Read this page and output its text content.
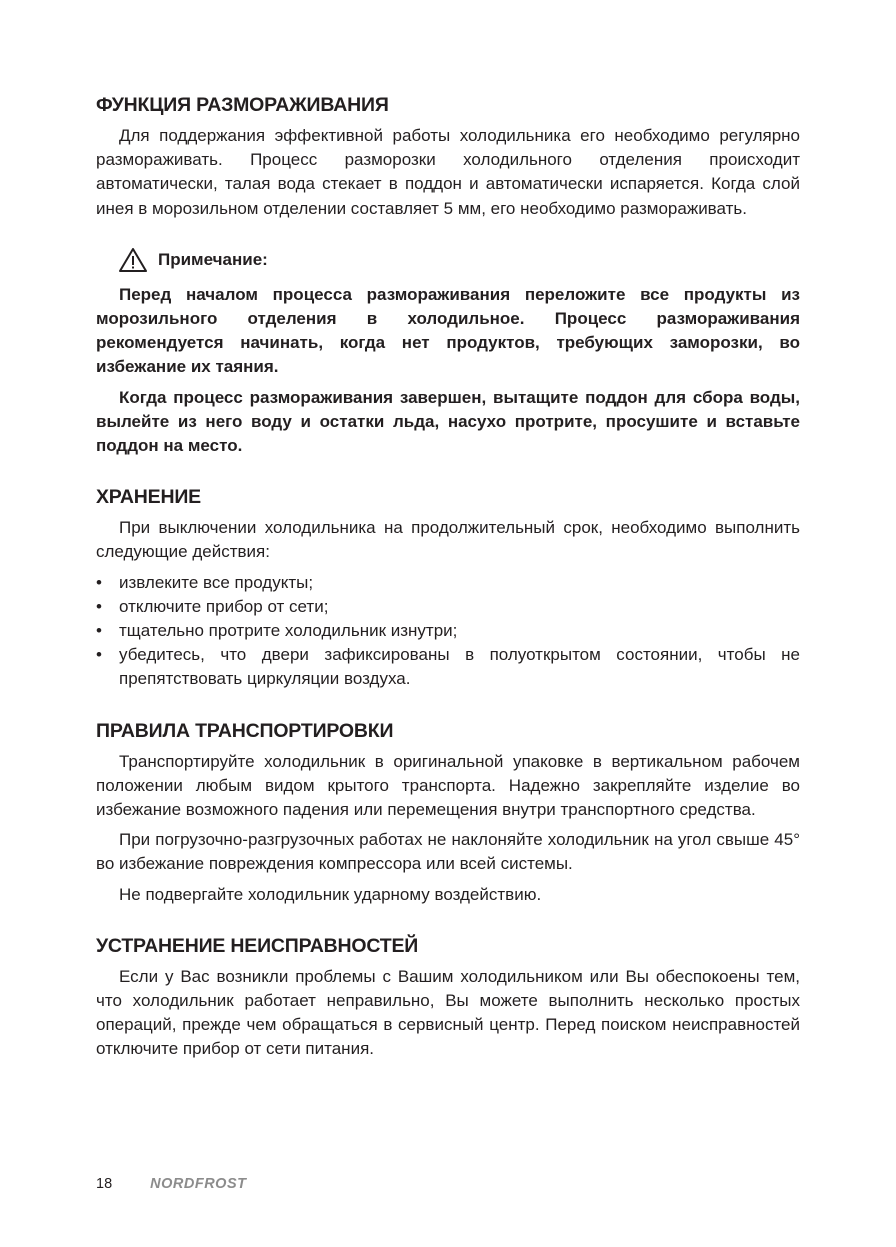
ФУНКЦИЯ РАЗМОРАЖИВАНИЯ

Для поддержания эффективной работы холодильника его необходимо регулярно размораживать. Процесс разморозки холодильного отделения происходит автоматически, талая вода стекает в поддон и автоматически испаряется. Когда слой инея в морозильном отделении составляет 5 мм, его необходимо размораживать.

Примечание:

Перед началом процесса размораживания переложите все продукты из морозильного отделения в холодильное. Процесс размораживания рекомендуется начинать, когда нет продуктов, требующих заморозки, во избежание их таяния.

Когда процесс размораживания завершен, вытащите поддон для сбора воды, вылейте из него воду и остатки льда, насухо протрите, просушите и вставьте поддон на место.

ХРАНЕНИЕ

При выключении холодильника на продолжительный срок, необходимо выполнить следующие действия:

• извлеките все продукты;
• отключите прибор от сети;
• тщательно протрите холодильник изнутри;
• убедитесь, что двери зафиксированы в полуоткрытом состоянии, чтобы не препятствовать циркуляции воздуха.
ПРАВИЛА ТРАНСПОРТИРОВКИ

Транспортируйте холодильник в оригинальной упаковке в вертикальном рабочем положении любым видом крытого транспорта. Надежно закрепляйте изделие во избежание возможного падения или перемещения внутри транспортного средства.

При погрузочно-разгрузочных работах не наклоняйте холодильник на угол свыше 45° во избежание повреждения компрессора или всей системы.

Не подвергайте холодильник ударному воздействию.

УСТРАНЕНИЕ НЕИСПРАВНОСТЕЙ

Если у Вас возникли проблемы с Вашим холодильником или Вы обеспокоены тем, что холодильник работает неправильно, Вы можете выполнить несколько простых операций, прежде чем обращаться в сервисный центр. Перед поиском неисправностей отключите прибор от сети питания.

18	NORDFROST
